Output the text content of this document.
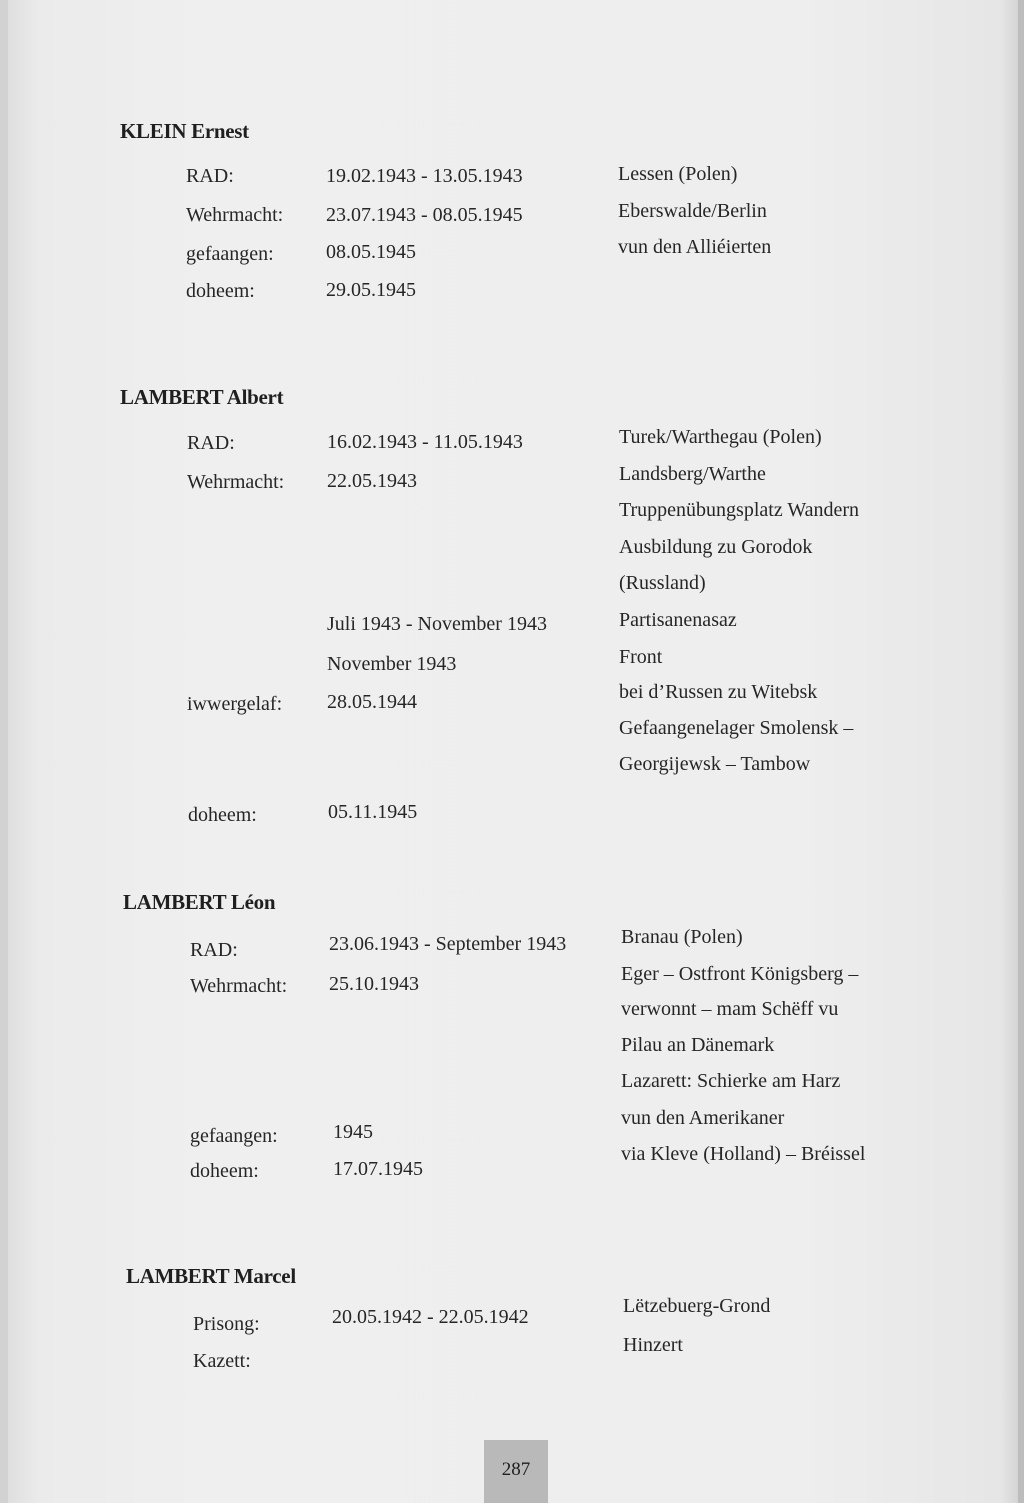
KLEIN Ernest
RAD:	19.02.1943 - 13.05.1943	Lessen (Polen)
Wehrmacht: 23.07.1943 - 08.05.1945	Eberswalde/Berlin
gefaangen:	08.05.1945	vun den Alliéierten
doheem:	29.05.1945
LAMBERT Albert
RAD:	16.02.1943 - 11.05.1943	Turek/Warthegau (Polen)
Wehrmacht: 22.05.1943	Landsberg/Warthe
Truppenübungsplatz Wandern
Ausbildung zu Gorodok
(Russland)
Juli 1943 - November 1943	Partisanenasaz
November 1943	Front
iwwergelaf: 28.05.1944	bei d’Russen zu Witebsk
Gefaangenelager Smolensk –
Georgijewsk – Tambow
doheem:	05.11.1945
LAMBERT Léon
RAD:	23.06.1943 - September 1943	Branau (Polen)
Wehrmacht: 25.10.1943	Eger – Ostfront Königsberg –
verwonnt – mam Schëff vu
Pilau an Dänemark
Lazarett: Schierke am Harz
gefaangen:	1945
vun den Amerikaner
doheem:	17.07.1945
via Kleve (Holland) – Bréissel
LAMBERT Marcel
Prisong:	20.05.1942 - 22.05.1942	Lëtzebuerg-Grond
Kazett:
Hinzert
287
